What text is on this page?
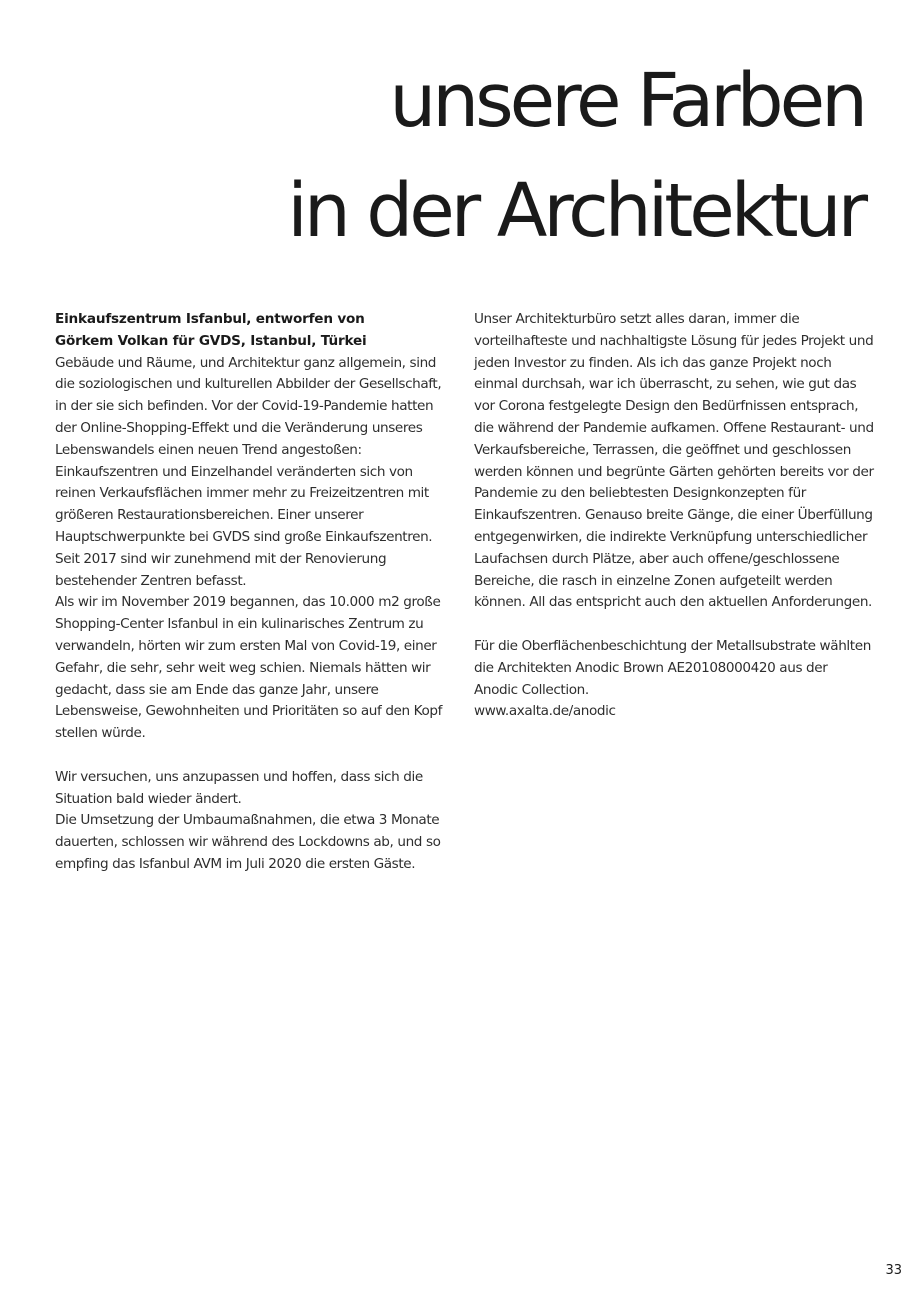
unsere Farben
in der Architektur

Einkaufszentrum Isfanbul, entworfen von
Görkem Volkan für GVDS, Istanbul, Türkei

Gebäude und Räume, und Architektur ganz allgemein, sind die soziologischen und kulturellen Abbilder der Gesellschaft, in der sie sich befinden. Vor der Covid-19-Pandemie hatten der Online-Shopping-Effekt und die Veränderung unseres Lebenswandels einen neuen Trend angestoßen: Einkaufszentren und Einzelhandel veränderten sich von reinen Verkaufsflächen immer mehr zu Freizeitzentren mit größeren Restaurationsbereichen. Einer unserer Hauptschwerpunkte bei GVDS sind große Einkaufszentren. Seit 2017 sind wir zunehmend mit der Renovierung bestehender Zentren befasst.

Als wir im November 2019 begannen, das 10.000 m2 große Shopping-Center Isfanbul in ein kulinarisches Zentrum zu verwandeln, hörten wir zum ersten Mal von Covid-19, einer Gefahr, die sehr, sehr weit weg schien. Niemals hätten wir gedacht, dass sie am Ende das ganze Jahr, unsere Lebensweise, Gewohnheiten und Prioritäten so auf den Kopf stellen würde.

Wir versuchen, uns anzupassen und hoffen, dass sich die Situation bald wieder ändert.

Die Umsetzung der Umbaumaßnahmen, die etwa 3 Monate dauerten, schlossen wir während des Lockdowns ab, und so empfing das Isfanbul AVM im Juli 2020 die ersten Gäste.

Unser Architekturbüro setzt alles daran, immer die vorteilhafteste und nachhaltigste Lösung für jedes Projekt und jeden Investor zu finden. Als ich das ganze Projekt noch einmal durchsah, war ich überrascht, zu sehen, wie gut das vor Corona festgelegte Design den Bedürfnissen entsprach, die während der Pandemie aufkamen. Offene Restaurant- und Verkaufsbereiche, Terrassen, die geöffnet und geschlossen werden können und begrünte Gärten gehörten bereits vor der Pandemie zu den beliebtesten Designkonzepten für Einkaufszentren. Genauso breite Gänge, die einer Überfüllung entgegenwirken, die indirekte Verknüpfung unterschiedlicher Laufachsen durch Plätze, aber auch offene/geschlossene Bereiche, die rasch in einzelne Zonen aufgeteilt werden können. All das entspricht auch den aktuellen Anforderungen.

Für die Oberflächenbeschichtung der Metallsubstrate wählten die Architekten Anodic Brown AE20108000420 aus der Anodic Collection.

www.axalta.de/anodic

33
